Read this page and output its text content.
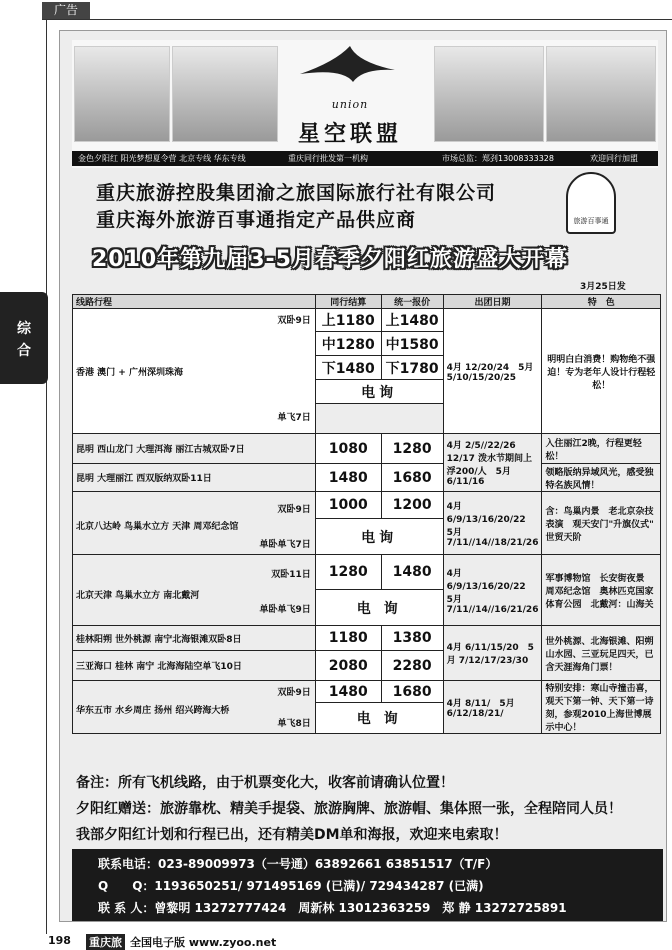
广告
综
合
union
星空联盟
金色夕阳红 阳光梦想夏令营 北京专线 华东专线	重庆同行批发第一机构	市场总监：郑刭13008333328	欢迎同行加盟
重庆旅游控股集团渝之旅国际旅行社有限公司
重庆海外旅游百事通指定产品供应商	旅游百事通
2010年第九届3-5月春季夕阳红旅游盛大开幕
3月25日发
线路行程	同行结算	统一报价	出团日期	特　色

双卧9日
香港 澳门 + 广州深圳珠海
单飞7日	上1180	上1480	4月 12/20/24　5月 5/10/15/20/25	明明白白消费！购物绝不强迫！专为老年人设计行程轻松！
	中1280	中1580		
	下1480	下1780		
	电询			

昆明 西山龙门 大理洱海 丽江古城双卧7日	1080	1280	4月 2/5//22/26　12/17 泼水节期间上浮200/人　5月 6/11/16	入住丽江2晚，行程更轻松！
昆明 大理丽江 西双版纳双卧11日	1480	1680		领略版纳异域风光，感受独特名族风情！

双卧9日
北京八达岭 鸟巢水立方 天津 周邓纪念馆
单卧单飞7日	1000	1200	4月 6/9/13/16/20/22　5月 7/11//14//18/21/26	含：鸟巢内景　老北京杂技表演　观天安门"升旗仪式"　世贸天阶
	电询			

双卧11日
北京天津 鸟巢水立方 南北戴河
单卧单飞9日	1280	1480	4月 6/9/13/16/20/22　5月 7/11//14//16/21/26	军事博物馆　长安街夜景　周邓纪念馆　奥林匹克国家体育公园　北戴河：山海关
	电 询			
桂林阳朔 世外桃源 南宁北海银滩双卧8日	1180	1380	4月 6/11/15/20　5月 7/12/17/23/30	世外桃源、北海银滩、阳朔山水园、三亚玩足四天，已含天涯海角门票！
三亚海口 桂林 南宁 北海海陆空单飞10日	2080	2280		

双卧9日
华东五市 水乡周庄 扬州 绍兴跨海大桥
单飞8日	1480	1680	4月 8/11/　5月 6/12/18/21/	特别安排：寒山寺撞击喜，观天下第一钟、天下第一诗刻，参观2010上海世博展示中心！
	电 询			
备注：所有飞机线路，由于机票变化大，收客前请确认位置！
夕阳红赠送：旅游靠枕、精美手提袋、旅游胸牌、旅游帽、集体照一张，全程陪同人员！
我部夕阳红计划和行程已出，还有精美DM单和海报，欢迎来电索取！
联系电话：023-89009973（一号通）63892661 63851517（T/F）
Q　　Q：1193650251/ 971495169 (已满)/ 729434287 (已满)
联 系 人：曾黎明 13272777424　周新林 13012363259　郑 静 13272725891
198 重庆旅 全国电子版 www.zyoo.net
